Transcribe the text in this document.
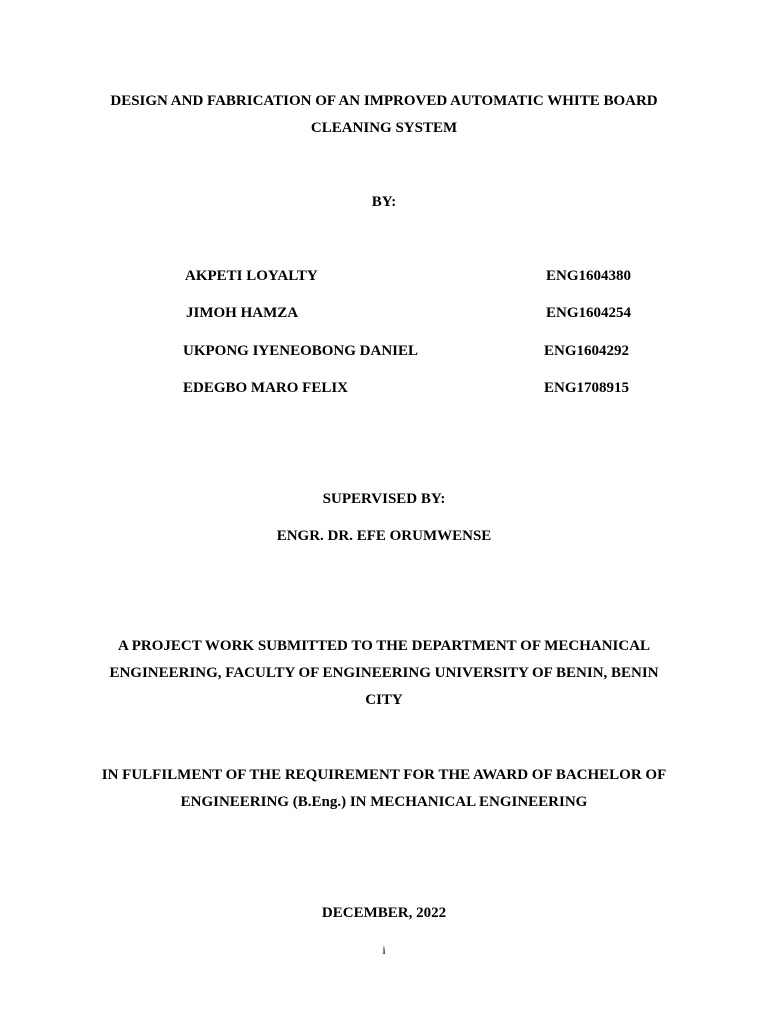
DESIGN AND FABRICATION OF AN IMPROVED AUTOMATIC WHITE BOARD
CLEANING SYSTEM
BY:
AKPETI LOYALTY	ENG1604380
JIMOH HAMZA	ENG1604254
UKPONG IYENEOBONG DANIEL	ENG1604292
EDEGBO MARO FELIX	ENG1708915
SUPERVISED BY:
ENGR. DR. EFE ORUMWENSE
A PROJECT WORK SUBMITTED TO THE DEPARTMENT OF MECHANICAL
ENGINEERING, FACULTY OF ENGINEERING UNIVERSITY OF BENIN, BENIN
CITY
IN FULFILMENT OF THE REQUIREMENT FOR THE AWARD OF BACHELOR OF
ENGINEERING (B.Eng.) IN MECHANICAL ENGINEERING
DECEMBER, 2022
i
